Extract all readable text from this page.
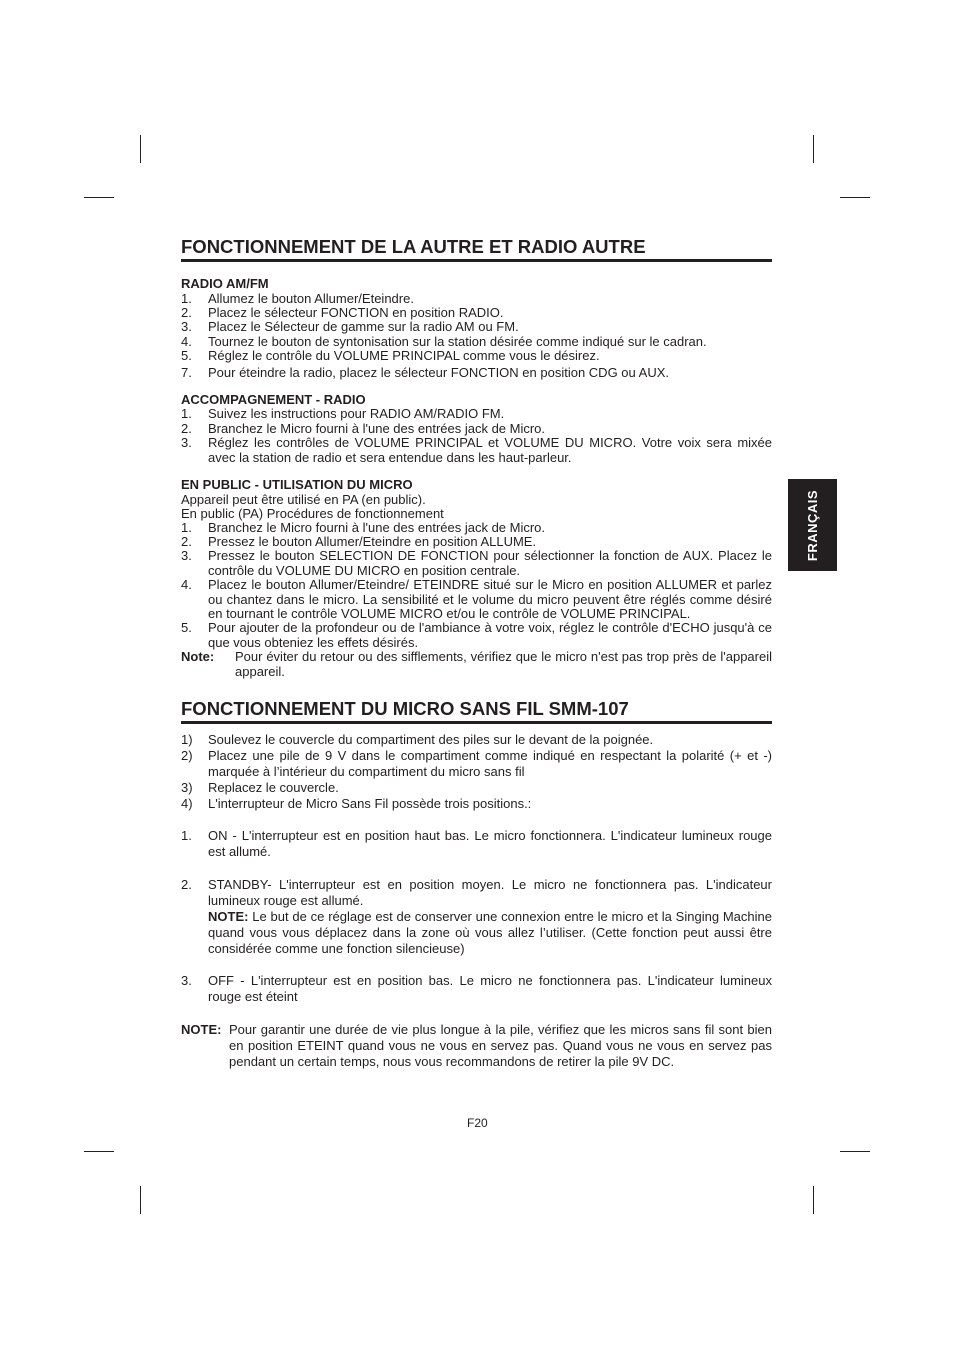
FRANÇAIS
FONCTIONNEMENT DE LA AUTRE ET RADIO AUTRE

RADIO AM/FM

1.	Allumez le bouton Allumer/Eteindre.
2.	Placez le sélecteur FONCTION en position RADIO.
3.	Placez le Sélecteur de gamme sur la radio AM ou FM.
4.	Tournez le bouton de syntonisation sur la station désirée comme indiqué sur le cadran.
5.	Réglez le contrôle du VOLUME PRINCIPAL comme vous le désirez.
7.	Pour éteindre la radio, placez le sélecteur FONCTION en position CDG ou AUX.

ACCOMPAGNEMENT - RADIO

1.	Suivez les instructions pour RADIO AM/RADIO FM.
2.	Branchez le Micro fourni à l'une des entrées jack de Micro.
3.	Réglez les contrôles de VOLUME PRINCIPAL et VOLUME DU MICRO. Votre voix sera mixée avec la station de radio et sera entendue dans les haut-parleur.

EN PUBLIC - UTILISATION DU MICRO

Appareil peut être utilisé en PA (en public).

En public (PA) Procédures de fonctionnement

1.	Branchez le Micro fourni à l'une des entrées jack de Micro.
2.	Pressez le bouton Allumer/Eteindre en position ALLUME.
3.	Pressez le bouton SELECTION DE FONCTION pour sélectionner la fonction de AUX. Placez le contrôle du VOLUME DU MICRO en position centrale.
4.	Placez le bouton Allumer/Eteindre/ ETEINDRE situé sur le Micro en position ALLUMER et parlez ou chantez dans le micro. La sensibilité et le volume du micro peuvent être réglés comme désiré en tournant le contrôle VOLUME MICRO et/ou le contrôle de VOLUME PRINCIPAL.
5.	Pour ajouter de la profondeur ou de l'ambiance à votre voix, réglez le contrôle d'ECHO jusqu'à ce que vous obteniez les effets désirés.
Note:	Pour éviter du retour ou des sifflements, vérifiez que le micro n'est pas trop près de l'appareil appareil.
FONCTIONNEMENT DU MICRO SANS FIL SMM-107
1)	Soulevez le couvercle du compartiment des piles sur le devant de la poignée.
2)	Placez une pile de 9 V dans le compartiment comme indiqué en respectant la polarité (+ et -) marquée à l’intérieur du compartiment du micro sans fil
3)	Replacez le couvercle.
4)	L'interrupteur de Micro Sans Fil possède trois positions.:
1.	ON - L'interrupteur est en position haut bas. Le micro fonctionnera. L'indicateur lumineux rouge est allumé.
2.	STANDBY- L'interrupteur est en position moyen. Le micro ne fonctionnera pas. L'indicateur lumineux rouge est allumé.
NOTE: Le but de ce réglage est de conserver une connexion entre le micro et la Singing Machine quand vous vous déplacez dans la zone où vous allez l’utiliser. (Cette fonction peut aussi être considérée comme une fonction silencieuse)
3.	OFF - L'interrupteur est en position bas. Le micro ne fonctionnera pas. L'indicateur lumineux rouge est éteint
NOTE: Pour garantir une durée de vie plus longue à la pile, vérifiez que les micros sans fil sont bien en position ETEINT quand vous ne vous en servez pas. Quand vous ne vous en servez pas pendant un certain temps, nous vous recommandons de retirer la pile 9V DC.
F20
